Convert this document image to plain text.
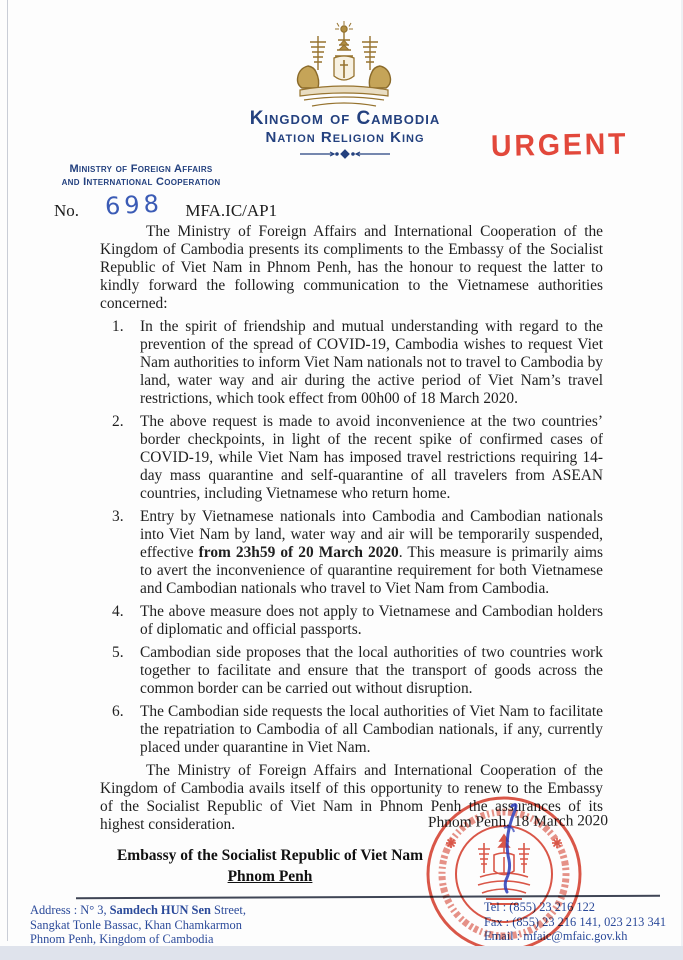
Kingdom of Cambodia
Nation Religion King	URGENT
Ministry of Foreign Affairs
and International Cooperation
No. 698 MFA.IC/AP1

The Ministry of Foreign Affairs and International Cooperation of the Kingdom of Cambodia presents its compliments to the Embassy of the Socialist Republic of Viet Nam in Phnom Penh, has the honour to request the latter to kindly forward the following communication to the Vietnamese authorities concerned:

1. In the spirit of friendship and mutual understanding with regard to the prevention of the spread of COVID-19, Cambodia wishes to request Viet Nam authorities to inform Viet Nam nationals not to travel to Cambodia by land, water way and air during the active period of Viet Nam’s travel restrictions, which took effect from 00h00 of 18 March 2020.
2. The above request is made to avoid inconvenience at the two countries’ border checkpoints, in light of the recent spike of confirmed cases of COVID-19, while Viet Nam has imposed travel restrictions requiring 14-day mass quarantine and self-quarantine of all travelers from ASEAN countries, including Vietnamese who return home.
3. Entry by Vietnamese nationals into Cambodia and Cambodian nationals into Viet Nam by land, water way and air will be temporarily suspended, effective from 23h59 of 20 March 2020. This measure is primarily aims to avert the inconvenience of quarantine requirement for both Vietnamese and Cambodian nationals who travel to Viet Nam from Cambodia.
4. The above measure does not apply to Vietnamese and Cambodian holders of diplomatic and official passports.
5. Cambodian side proposes that the local authorities of two countries work together to facilitate and ensure that the transport of goods across the common border can be carried out without disruption.
6. The Cambodian side requests the local authorities of Viet Nam to facilitate the repatriation to Cambodia of all Cambodian nationals, if any, currently placed under quarantine in Viet Nam.

The Ministry of Foreign Affairs and International Cooperation of the Kingdom of Cambodia avails itself of this opportunity to renew to the Embassy of the Socialist Republic of Viet Nam in Phnom Penh the assurances of its highest consideration.	Phnom Penh, 18 March 2020
Embassy of the Socialist Republic of Viet Nam
Phnom Penh
Address : N° 3, Samdech HUN Sen Street,
Sangkat Tonle Bassac, Khan Chamkarmon
Phnom Penh, Kingdom of Cambodia
Tel : (855) 23 216 122
Fax : (855) 23 216 141, 023 213 341
Email : mfaic@mfaic.gov.kh
